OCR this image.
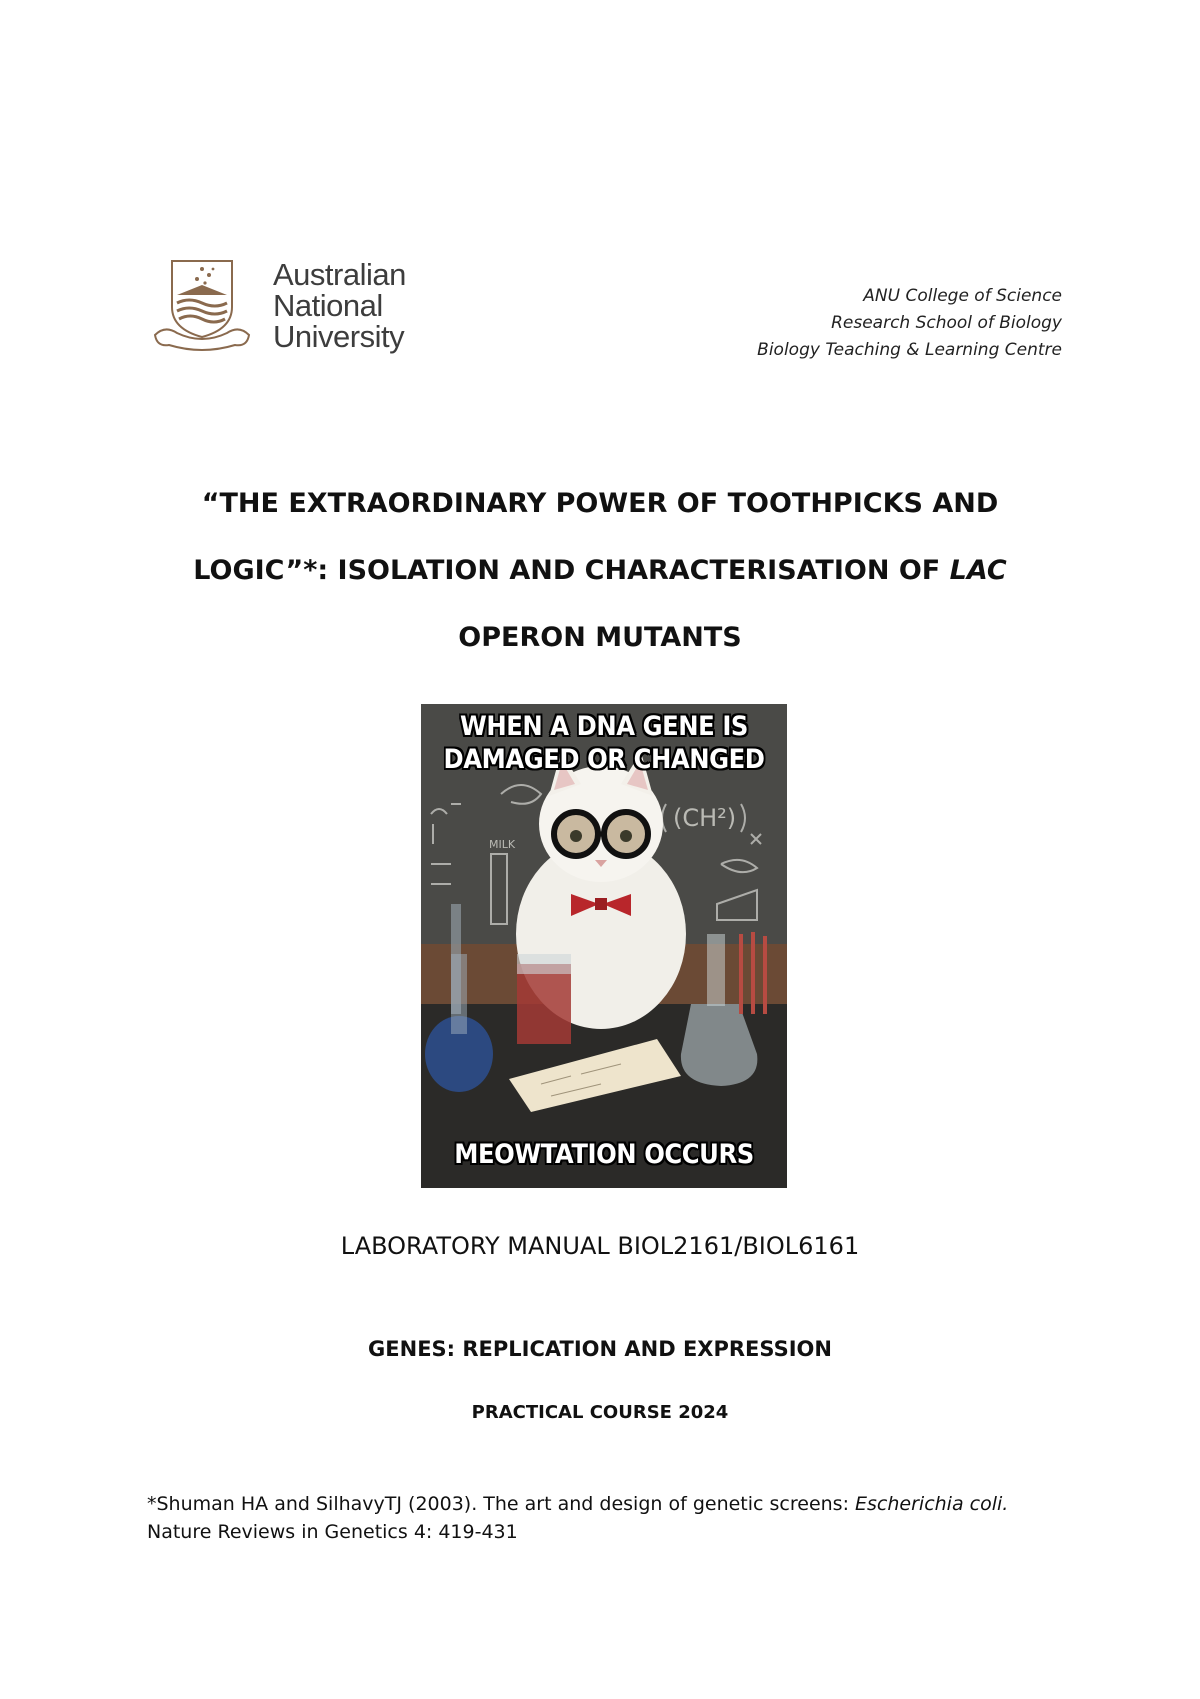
Australian
National
University
ANU College of Science
Research School of Biology
Biology Teaching & Learning Centre
“THE EXTRAORDINARY POWER OF TOOTHPICKS AND
LOGIC”*: ISOLATION AND CHARACTERISATION OF LAC
OPERON MUTANTS
(CH²)
MILK
WHEN A DNA GENE IS
DAMAGED OR CHANGED
MEOWTATION OCCURS
LABORATORY MANUAL BIOL2161/BIOL6161
GENES: REPLICATION AND EXPRESSION
PRACTICAL COURSE 2024
*Shuman HA and SilhavyTJ (2003). The art and design of genetic screens: Escherichia coli.
Nature Reviews in Genetics 4: 419-431
